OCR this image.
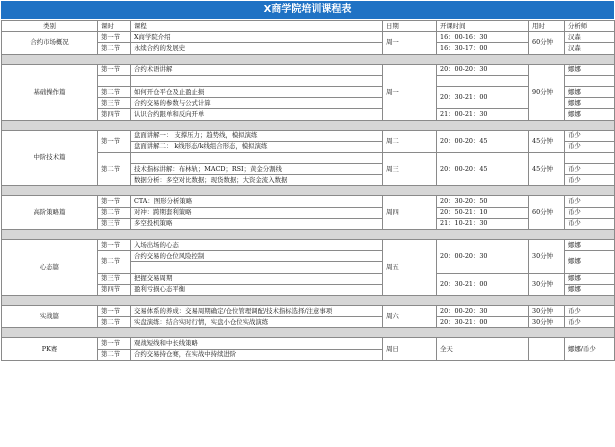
X商学院培训课程表
类别	课时	课程	日期	开课时间	用时	分析师
合约市场概况	第一节	X商学院介绍	周一	16：00-16：30	60分钟	汉森
	第二节	永续合约的发展史		16：30-17：00		汉森

基础操作篇	第一节	合约术语讲解	周一	20：00-20：30	90分钟	娜娜

	第二节	如何开仓平仓及止盈止损		20：30-21：00		娜娜
	第三节	合约交易的参数与公式计算				娜娜
	第四节	认识合约跟单和反向开单		21：00-21：30		娜娜

中阶技术篇	第一节	盘面讲解一： 支撑压力；趋势线，模拟演练	周二	20：00-20：45	45分钟	币少
		盘面讲解二： k线形态/k线组合形态，模拟演练				币少
	第二节		周三	20：00-20：45	45分钟	
		技术指标讲解：布林轨；MACD；RSI；黄金分割线				币少
		数据分析：多空对比数据；现货数据；大资金流入数据				币少

高阶策略篇	第一节	CTA：图形分析策略	周四	20：30-20：50	60分钟	币少
	第二节	对冲：跨期套利策略		20：50-21：10		币少
	第三节	多空投机策略		21：10-21：30		币少

心态篇	第一节	入场出场的心态	周五	20：00-20：30	30分钟	娜娜
	第二节	合约交易的仓位风险控制				娜娜

	第三节	把握交易周期		20：30-21：00	30分钟	娜娜
	第四节	盈利亏损心态平衡				娜娜

实战篇	第一节	交易体系的养成：交易周期确定/仓位管理调配/技术指标选择/注意事项	周六	20：00-20：30	30分钟	币少
	第二节	实盘演练：结合实时行情，实盘小仓位实战演练		20：30-21：00	30分钟	币少

PK赛	第一节	观战短线和中长线策略	周日	全天		娜娜/币少
	第二节	合约交易持仓赛，在实战中持续进阶				
